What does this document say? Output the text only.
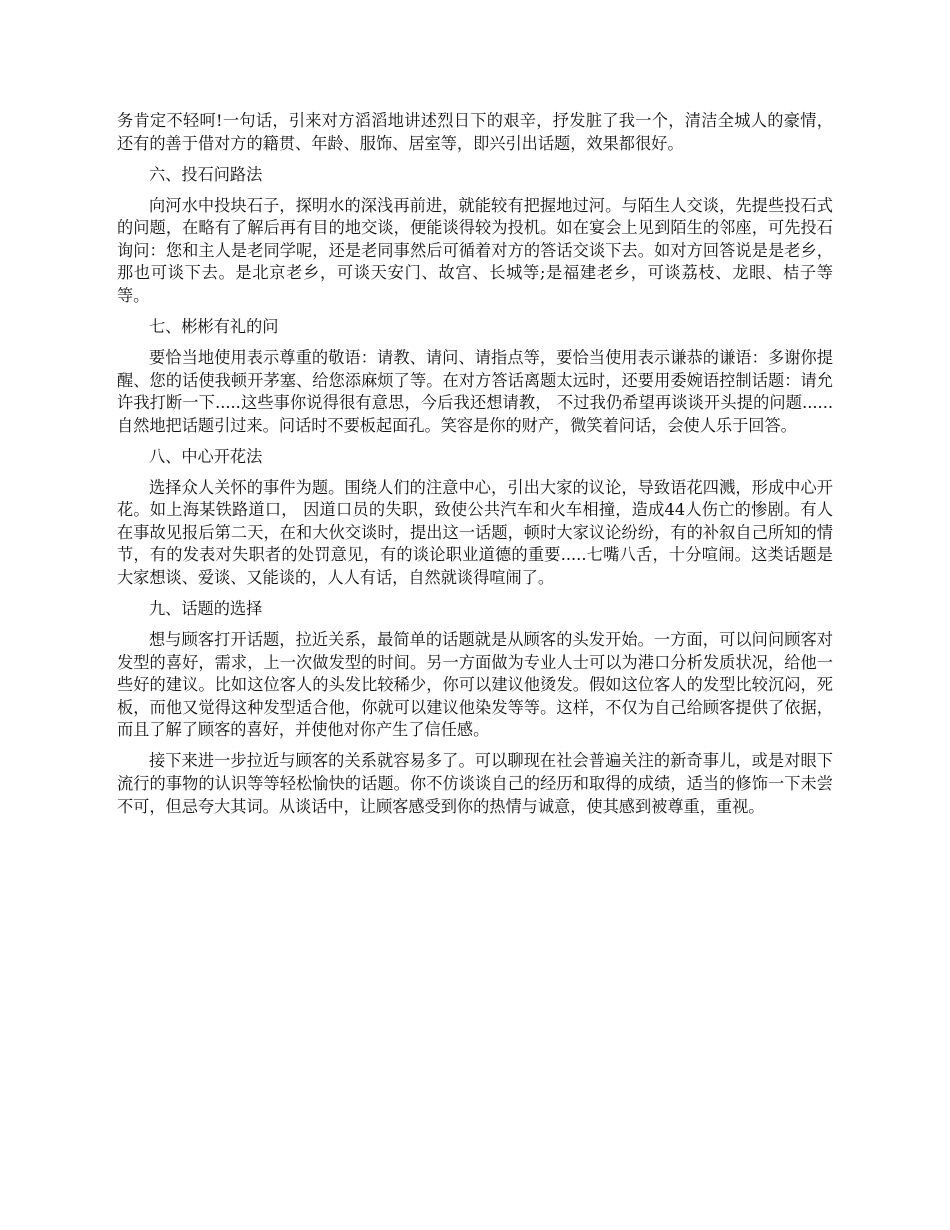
务肯定不轻呵!一句话，引来对方滔滔地讲述烈日下的艰辛，抒发脏了我一个，清洁全城人的豪情，还有的善于借对方的籍贯、年龄、服饰、居室等，即兴引出话题，效果都很好。

六、投石问路法

向河水中投块石子，探明水的深浅再前进，就能较有把握地过河。与陌生人交谈，先提些投石式的问题，在略有了解后再有目的地交谈，便能谈得较为投机。如在宴会上见到陌生的邻座，可先投石询问：您和主人是老同学呢，还是老同事然后可循着对方的答话交谈下去。如对方回答说是是老乡，那也可谈下去。是北京老乡，可谈天安门、故宫、长城等;是福建老乡，可谈荔枝、龙眼、桔子等等。

七、彬彬有礼的问

要恰当地使用表示尊重的敬语：请教、请问、请指点等，要恰当使用表示谦恭的谦语：多谢你提醒、您的话使我顿开茅塞、给您添麻烦了等。在对方答话离题太远时，还要用委婉语控制话题：请允许我打断一下.....这些事你说得很有意思，今后我还想请教， 不过我仍希望再谈谈开头提的问题......自然地把话题引过来。问话时不要板起面孔。笑容是你的财产，微笑着问话，会使人乐于回答。

八、中心开花法

选择众人关怀的事件为题。围绕人们的注意中心，引出大家的议论，导致语花四溅，形成中心开花。如上海某铁路道口， 因道口员的失职，致使公共汽车和火车相撞，造成44人伤亡的惨剧。有人在事故见报后第二天，在和大伙交谈时，提出这一话题，顿时大家议论纷纷，有的补叙自己所知的情节，有的发表对失职者的处罚意见，有的谈论职业道德的重要.....七嘴八舌，十分喧闹。这类话题是大家想谈、爱谈、又能谈的，人人有话，自然就谈得喧闹了。

九、话题的选择

想与顾客打开话题，拉近关系，最简单的话题就是从顾客的头发开始。一方面，可以问问顾客对发型的喜好，需求，上一次做发型的时间。另一方面做为专业人士可以为港口分析发质状况，给他一些好的建议。比如这位客人的头发比较稀少，你可以建议他烫发。假如这位客人的发型比较沉闷，死板，而他又觉得这种发型适合他，你就可以建议他染发等等。这样，不仅为自己给顾客提供了依据，而且了解了顾客的喜好，并使他对你产生了信任感。

接下来进一步拉近与顾客的关系就容易多了。可以聊现在社会普遍关注的新奇事儿，或是对眼下流行的事物的认识等等轻松愉快的话题。你不仿谈谈自己的经历和取得的成绩，适当的修饰一下未尝不可，但忌夸大其词。从谈话中，让顾客感受到你的热情与诚意，使其感到被尊重，重视。
